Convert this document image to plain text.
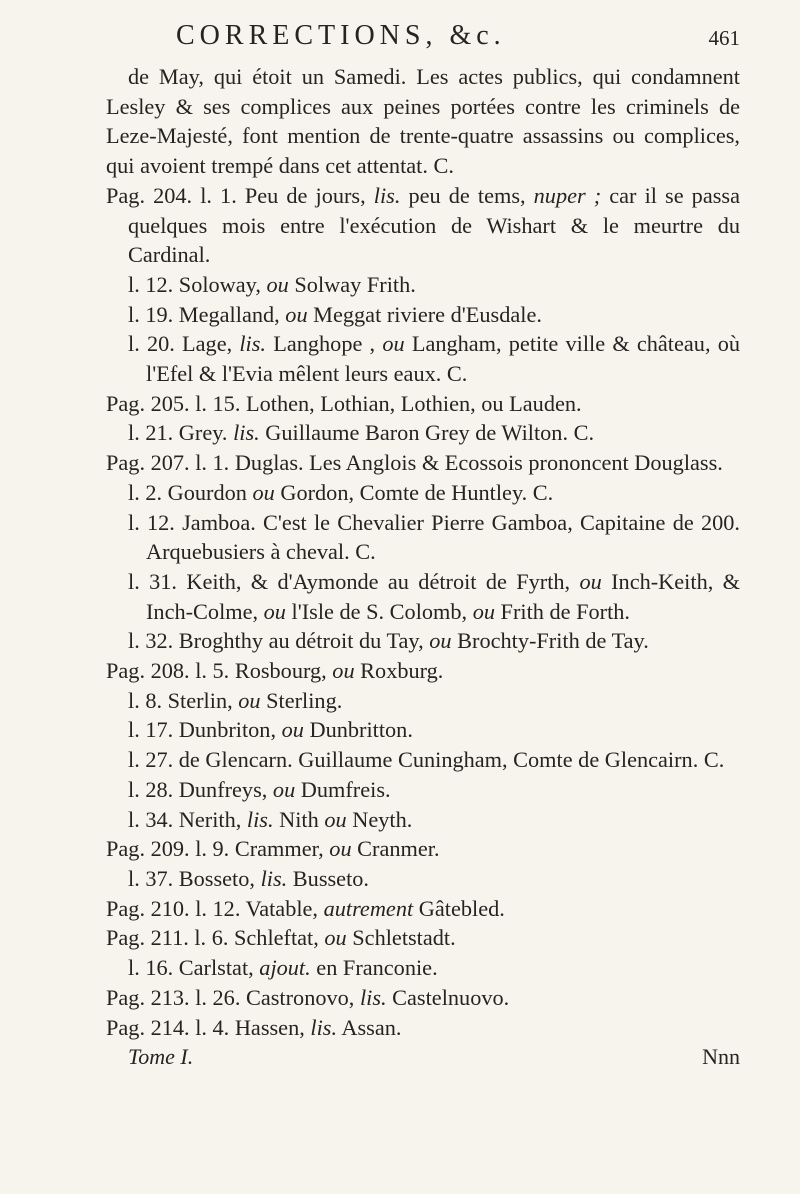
CORRECTIONS, &c.	461

de May, qui étoit un Samedi. Les actes publics, qui condamnent Lesley & ses complices aux peines portées contre les criminels de Leze-Majesté, font mention de trente-quatre assassins ou complices, qui avoient trempé dans cet attentat. C.

Pag. 204. l. 1. Peu de jours, lis. peu de tems, nuper ; car il se passa quelques mois entre l'exécution de Wishart & le meurtre du Cardinal.

l. 12. Soloway, ou Solway Frith.

l. 19. Megalland, ou Meggat riviere d'Eusdale.

l. 20. Lage, lis. Langhope , ou Langham, petite ville & château, où l'Efel & l'Evia mêlent leurs eaux. C.

Pag. 205. l. 15. Lothen, Lothian, Lothien, ou Lauden.

l. 21. Grey. lis. Guillaume Baron Grey de Wilton. C.

Pag. 207. l. 1. Duglas. Les Anglois & Ecossois prononcent Douglass.

l. 2. Gourdon ou Gordon, Comte de Huntley. C.

l. 12. Jamboa. C'est le Chevalier Pierre Gamboa, Capitaine de 200. Arquebusiers à cheval. C.

l. 31. Keith, & d'Aymonde au détroit de Fyrth, ou Inch-Keith, & Inch-Colme, ou l'Isle de S. Colomb, ou Frith de Forth.

l. 32. Broghthy au détroit du Tay, ou Brochty-Frith de Tay.

Pag. 208. l. 5. Rosbourg, ou Roxburg.

l. 8. Sterlin, ou Sterling.

l. 17. Dunbriton, ou Dunbritton.

l. 27. de Glencarn. Guillaume Cuningham, Comte de Glencairn. C.

l. 28. Dunfreys, ou Dumfreis.

l. 34. Nerith, lis. Nith ou Neyth.

Pag. 209. l. 9. Crammer, ou Cranmer.

l. 37. Bosseto, lis. Busseto.

Pag. 210. l. 12. Vatable, autrement Gâtebled.

Pag. 211. l. 6. Schleftat, ou Schletstadt.

l. 16. Carlstat, ajout. en Franconie.

Pag. 213. l. 26. Castronovo, lis. Castelnuovo.

Pag. 214. l. 4. Hassen, lis. Assan.

Tome I.	Nnn
